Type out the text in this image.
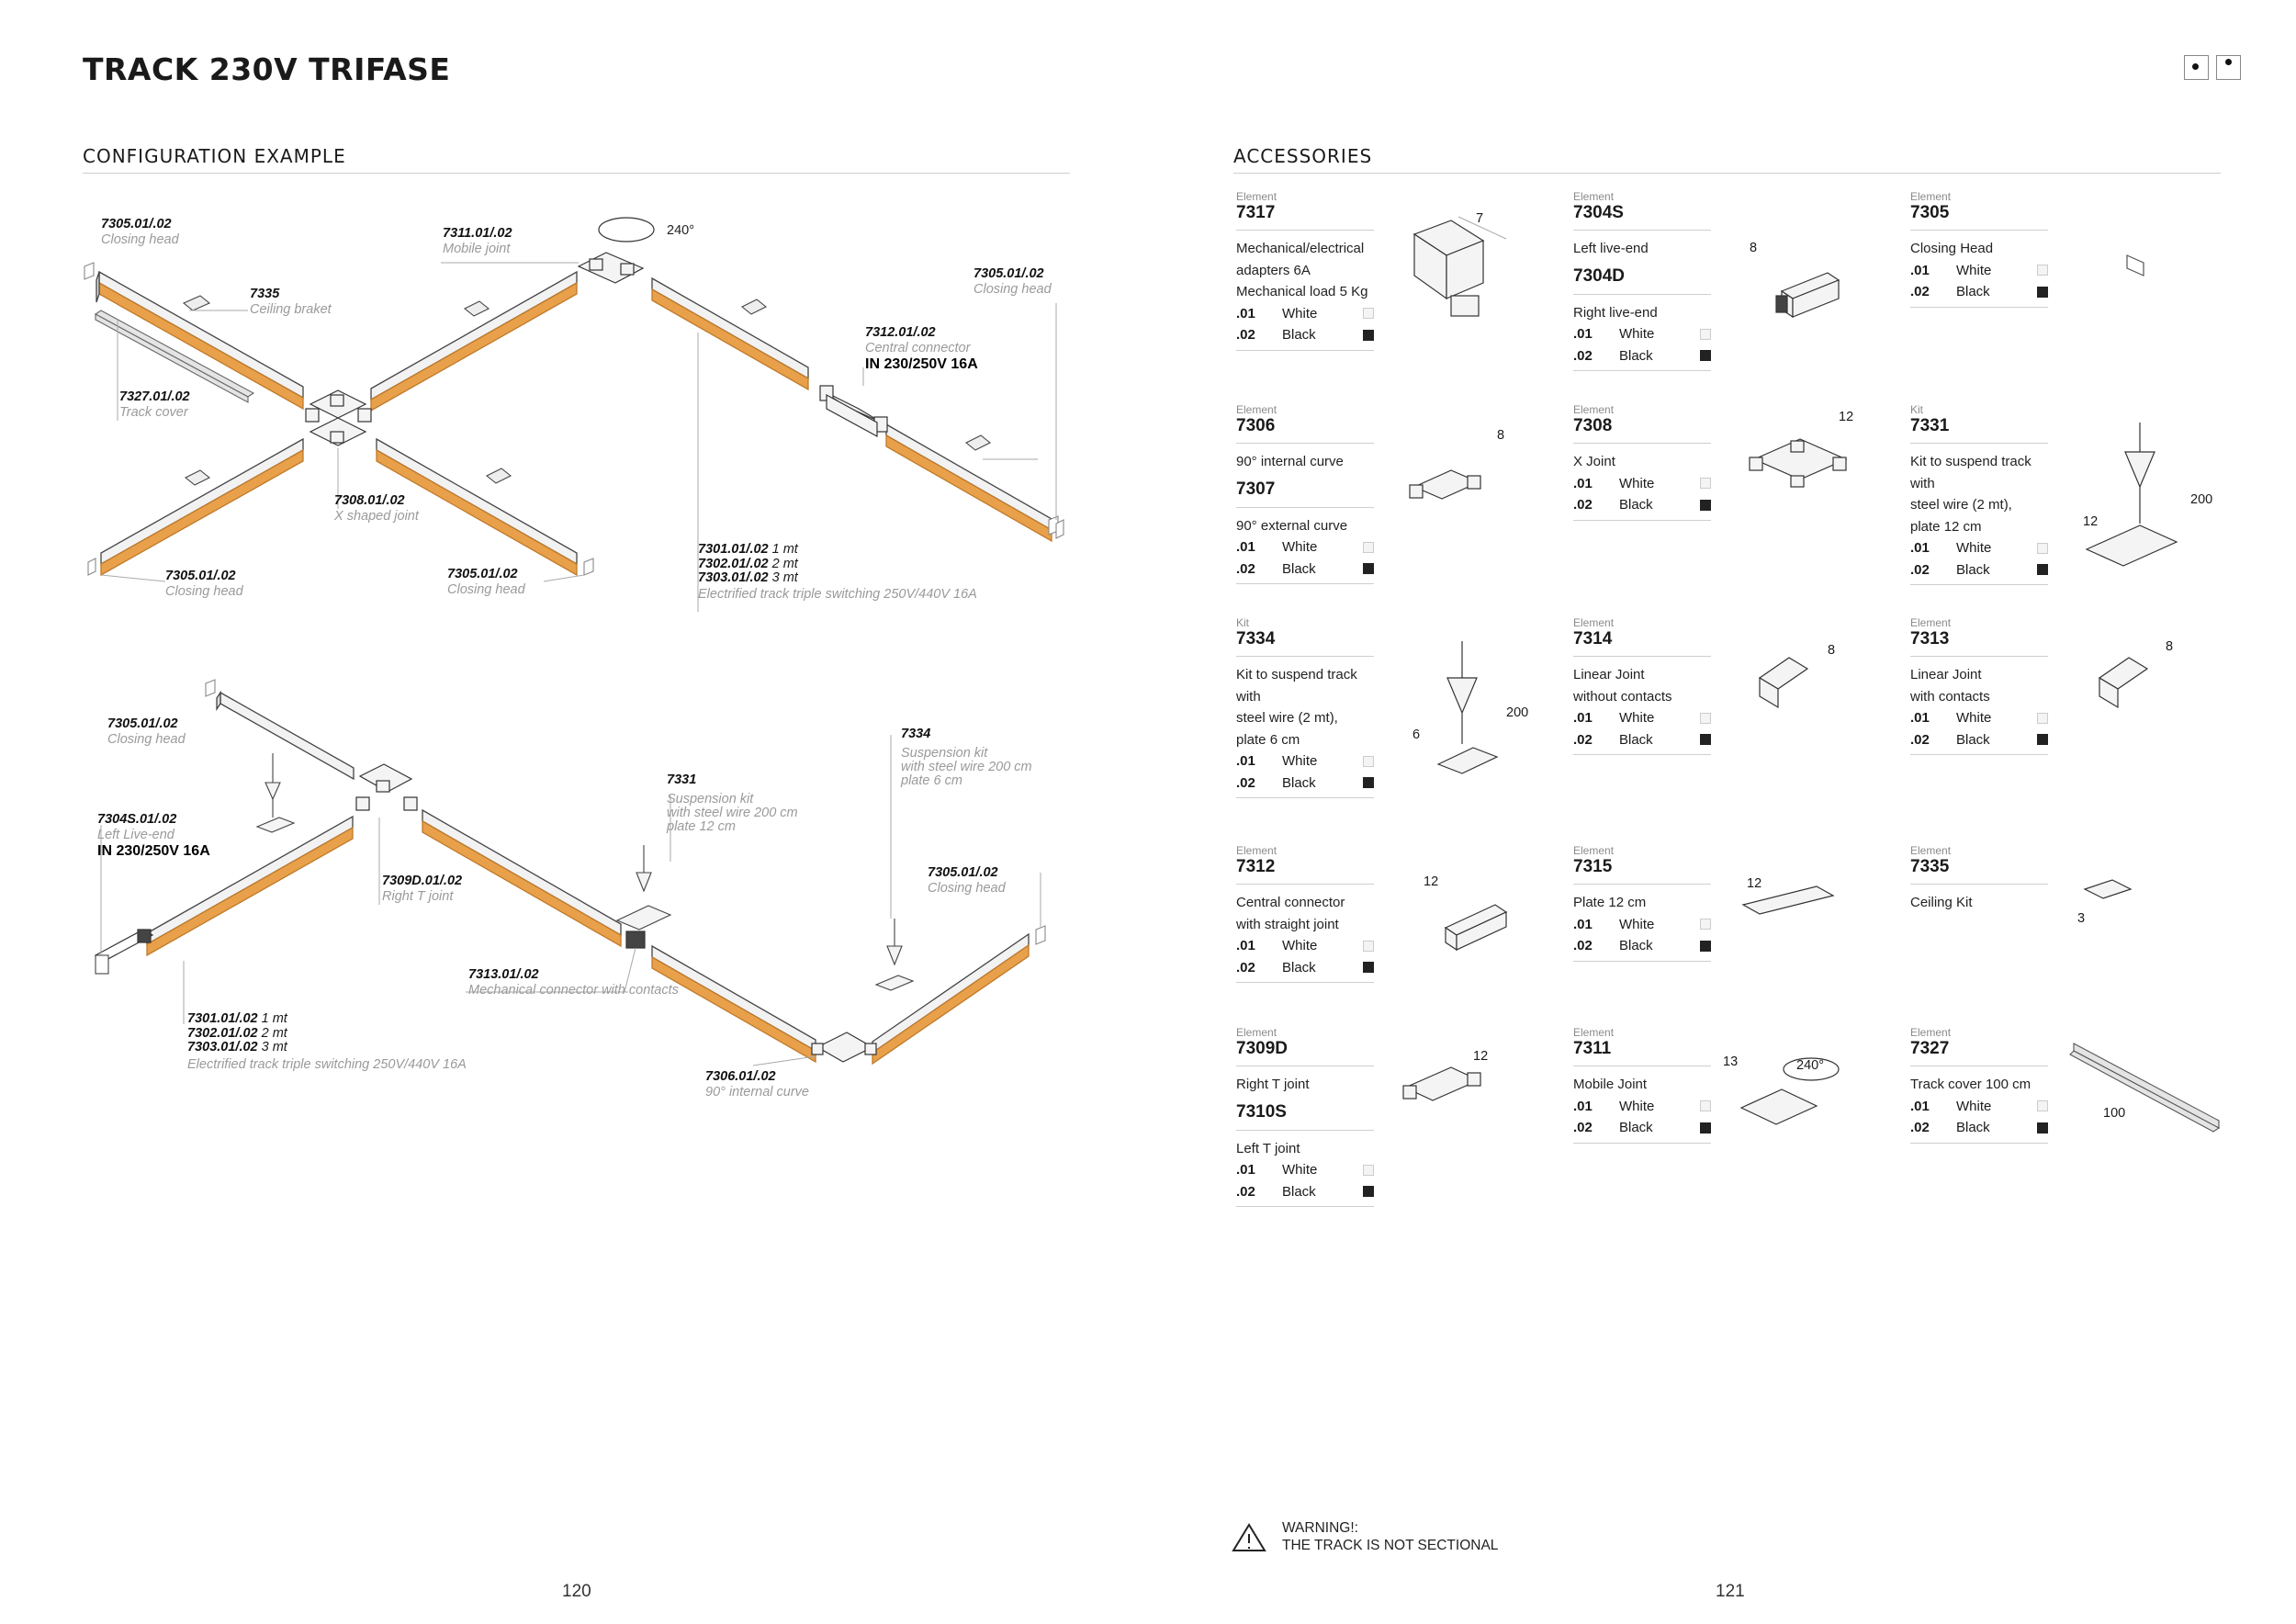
TRACK 230V TRIFASE
CONFIGURATION EXAMPLE	ACCESSORIES
7305.01/.02
Closing head
7335
Ceiling braket
7327.01/.02
Track cover
7311.01/.02
Mobile joint
240°
7305.01/.02
Closing head
7312.01/.02
Central connector
IN 230/250V 16A
7308.01/.02
X shaped joint
7305.01/.02
Closing head
7305.01/.02
Closing head
7301.01/.02 1 mt
7302.01/.02 2 mt
7303.01/.02 3 mt
Electrified track triple switching 250V/440V 16A
7305.01/.02
Closing head
7304S.01/.02
Left Live-end
IN 230/250V 16A
7309D.01/.02
Right T joint
7331
Suspension kit
with steel wire 200 cm
plate 12 cm
7334
Suspension kit
with steel wire 200 cm
plate 6 cm
7305.01/.02
Closing head
7313.01/.02
Mechanical connector with contacts
7301.01/.02 1 mt
7302.01/.02 2 mt
7303.01/.02 3 mt
Electrified track triple switching 250V/440V 16A
7306.01/.02
90° internal curve
Element
7317
Mechanical/electrical
adapters 6A
Mechanical load 5 Kg
.01	White
.02	Black
7
Element
7304S
Left live-end
7304D
Right live-end
.01	White
.02	Black
8
Element
7305
Closing Head
.01	White
.02	Black
Element
7306
90° internal curve
7307
90° external curve
.01	White
.02	Black
8
Element
7308
X Joint
.01	White
.02	Black
12	Kit
7331
Kit to suspend track
with
steel wire (2 mt),
plate 12 cm
.01	White
.02	Black
200
12
Kit
7334
Kit to suspend track
with
steel wire (2 mt),
plate 6 cm
.01	White
.02	Black
200
6
Element
7314
Linear Joint
without contacts
.01	White
.02	Black
8
Element
7313
Linear Joint
with contacts
.01	White
.02	Black
8
Element
7312
Central connector
with straight joint
.01	White
.02	Black
12
Element
7315
Plate 12 cm
.01	White
.02	Black
12
Element
7335
Ceiling Kit
3
Element
7309D
Right T joint
7310S
Left T joint
.01	White
.02	Black
12
Element
7311
Mobile Joint
.01	White
.02	Black
13	240°
Element
7327
Track cover 100 cm
.01	White
.02	Black
100
WARNING!:
THE TRACK IS NOT SECTIONAL
120	121
